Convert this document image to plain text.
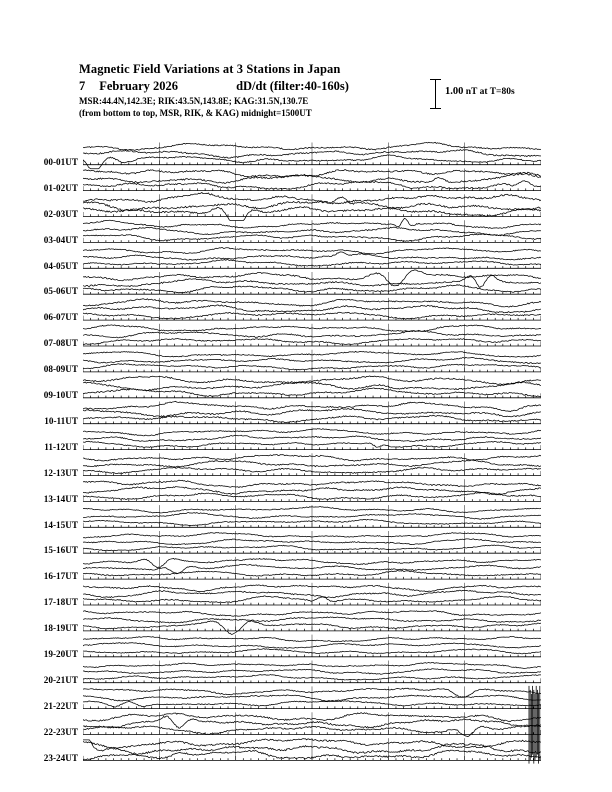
Magnetic Field Variations at 3 Stations in Japan
7 February 2026	dD/dt (filter:40-160s)
MSR:44.4N,142.3E; RIK:43.5N,143.8E; KAG:31.5N,130.7E
(from bottom to top, MSR, RIK, & KAG) midnight=1500UT
1.00 nT at T=80s
00-01UT
01-02UT
02-03UT
03-04UT
04-05UT
05-06UT
06-07UT
07-08UT
08-09UT
09-10UT
10-11UT
11-12UT
12-13UT
13-14UT
14-15UT
15-16UT
16-17UT
17-18UT
18-19UT
19-20UT
20-21UT
21-22UT
22-23UT
23-24UT
